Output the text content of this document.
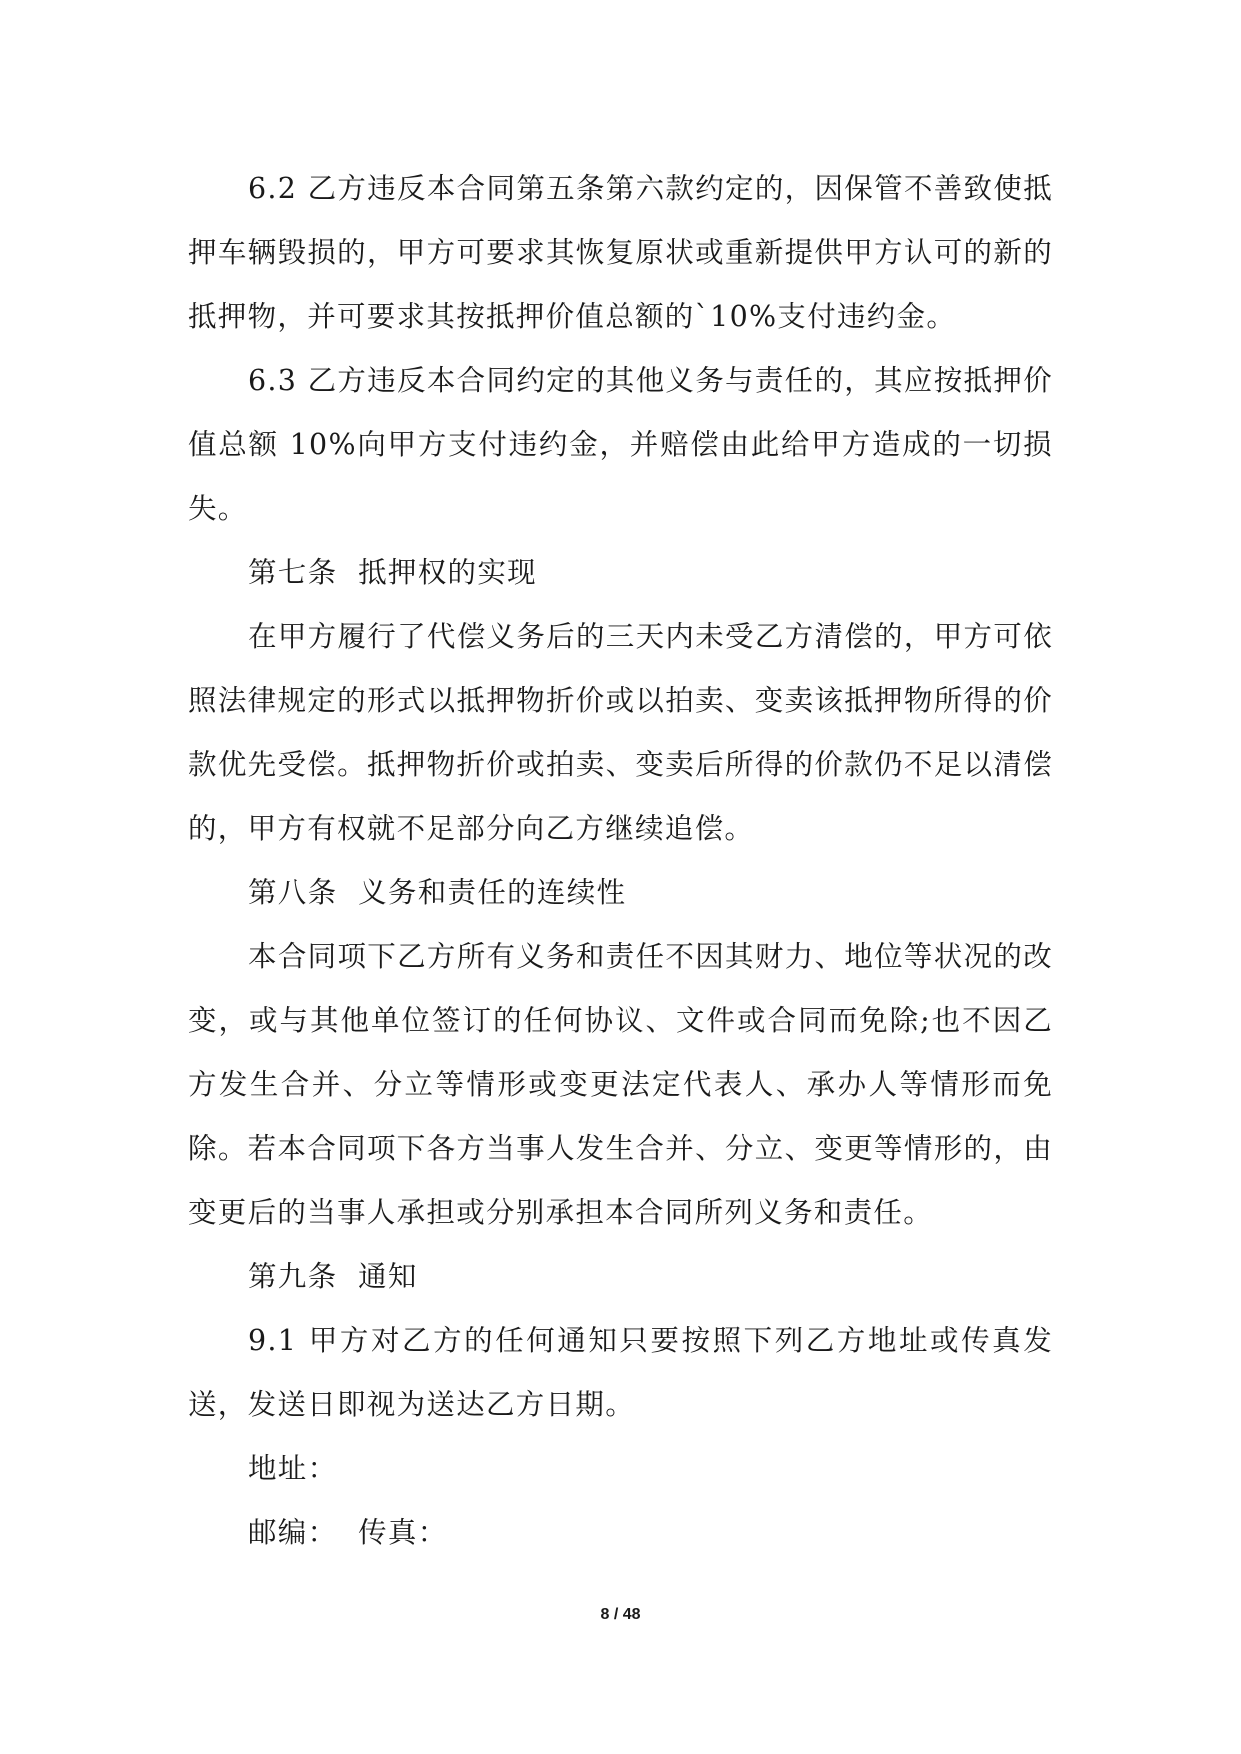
6.2 乙方违反本合同第五条第六款约定的，因保管不善致使抵押车辆毁损的，甲方可要求其恢复原状或重新提供甲方认可的新的抵押物，并可要求其按抵押价值总额的`10%支付违约金。

6.3 乙方违反本合同约定的其他义务与责任的，其应按抵押价值总额 10%向甲方支付违约金，并赔偿由此给甲方造成的一切损失。

第七条  抵押权的实现

在甲方履行了代偿义务后的三天内未受乙方清偿的，甲方可依照法律规定的形式以抵押物折价或以拍卖、变卖该抵押物所得的价款优先受偿。抵押物折价或拍卖、变卖后所得的价款仍不足以清偿的，甲方有权就不足部分向乙方继续追偿。

第八条  义务和责任的连续性

本合同项下乙方所有义务和责任不因其财力、地位等状况的改变，或与其他单位签订的任何协议、文件或合同而免除;也不因乙方发生合并、分立等情形或变更法定代表人、承办人等情形而免除。若本合同项下各方当事人发生合并、分立、变更等情形的，由变更后的当事人承担或分别承担本合同所列义务和责任。

第九条  通知

9.1 甲方对乙方的任何通知只要按照下列乙方地址或传真发送，发送日即视为送达乙方日期。

地址：

邮编：  传真：

8 / 48
